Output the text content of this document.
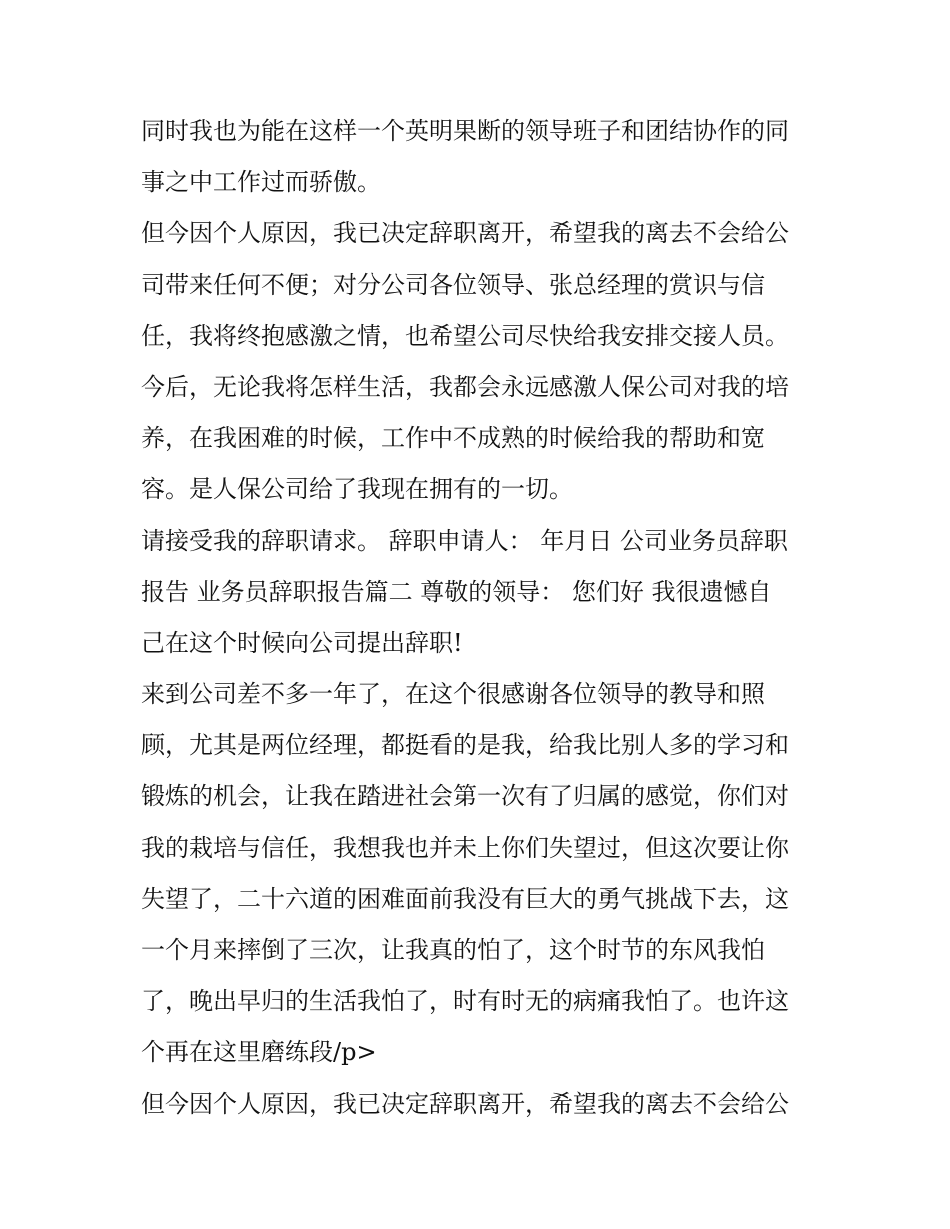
同时我也为能在这样一个英明果断的领导班子和团结协作的同
事之中工作过而骄傲。
但今因个人原因，我已决定辞职离开，希望我的离去不会给公
司带来任何不便；对分公司各位领导、张总经理的赏识与信
任，我将终抱感激之情，也希望公司尽快给我安排交接人员。
今后，无论我将怎样生活，我都会永远感激人保公司对我的培
养，在我困难的时候，工作中不成熟的时候给我的帮助和宽
容。是人保公司给了我现在拥有的一切。
请接受我的辞职请求。 辞职申请人： 年月日 公司业务员辞职
报告 业务员辞职报告篇二 尊敬的领导： 您们好 我很遗憾自
己在这个时候向公司提出辞职!
来到公司差不多一年了，在这个很感谢各位领导的教导和照
顾，尤其是两位经理，都挺看的是我，给我比别人多的学习和
锻炼的机会，让我在踏进社会第一次有了归属的感觉，你们对
我的栽培与信任，我想我也并未上你们失望过，但这次要让你
失望了，二十六道的困难面前我没有巨大的勇气挑战下去，这
一个月来摔倒了三次，让我真的怕了，这个时节的东风我怕
了，晚出早归的生活我怕了，时有时无的病痛我怕了。也许这
个再在这里磨练段/p>
但今因个人原因，我已决定辞职离开，希望我的离去不会给公
